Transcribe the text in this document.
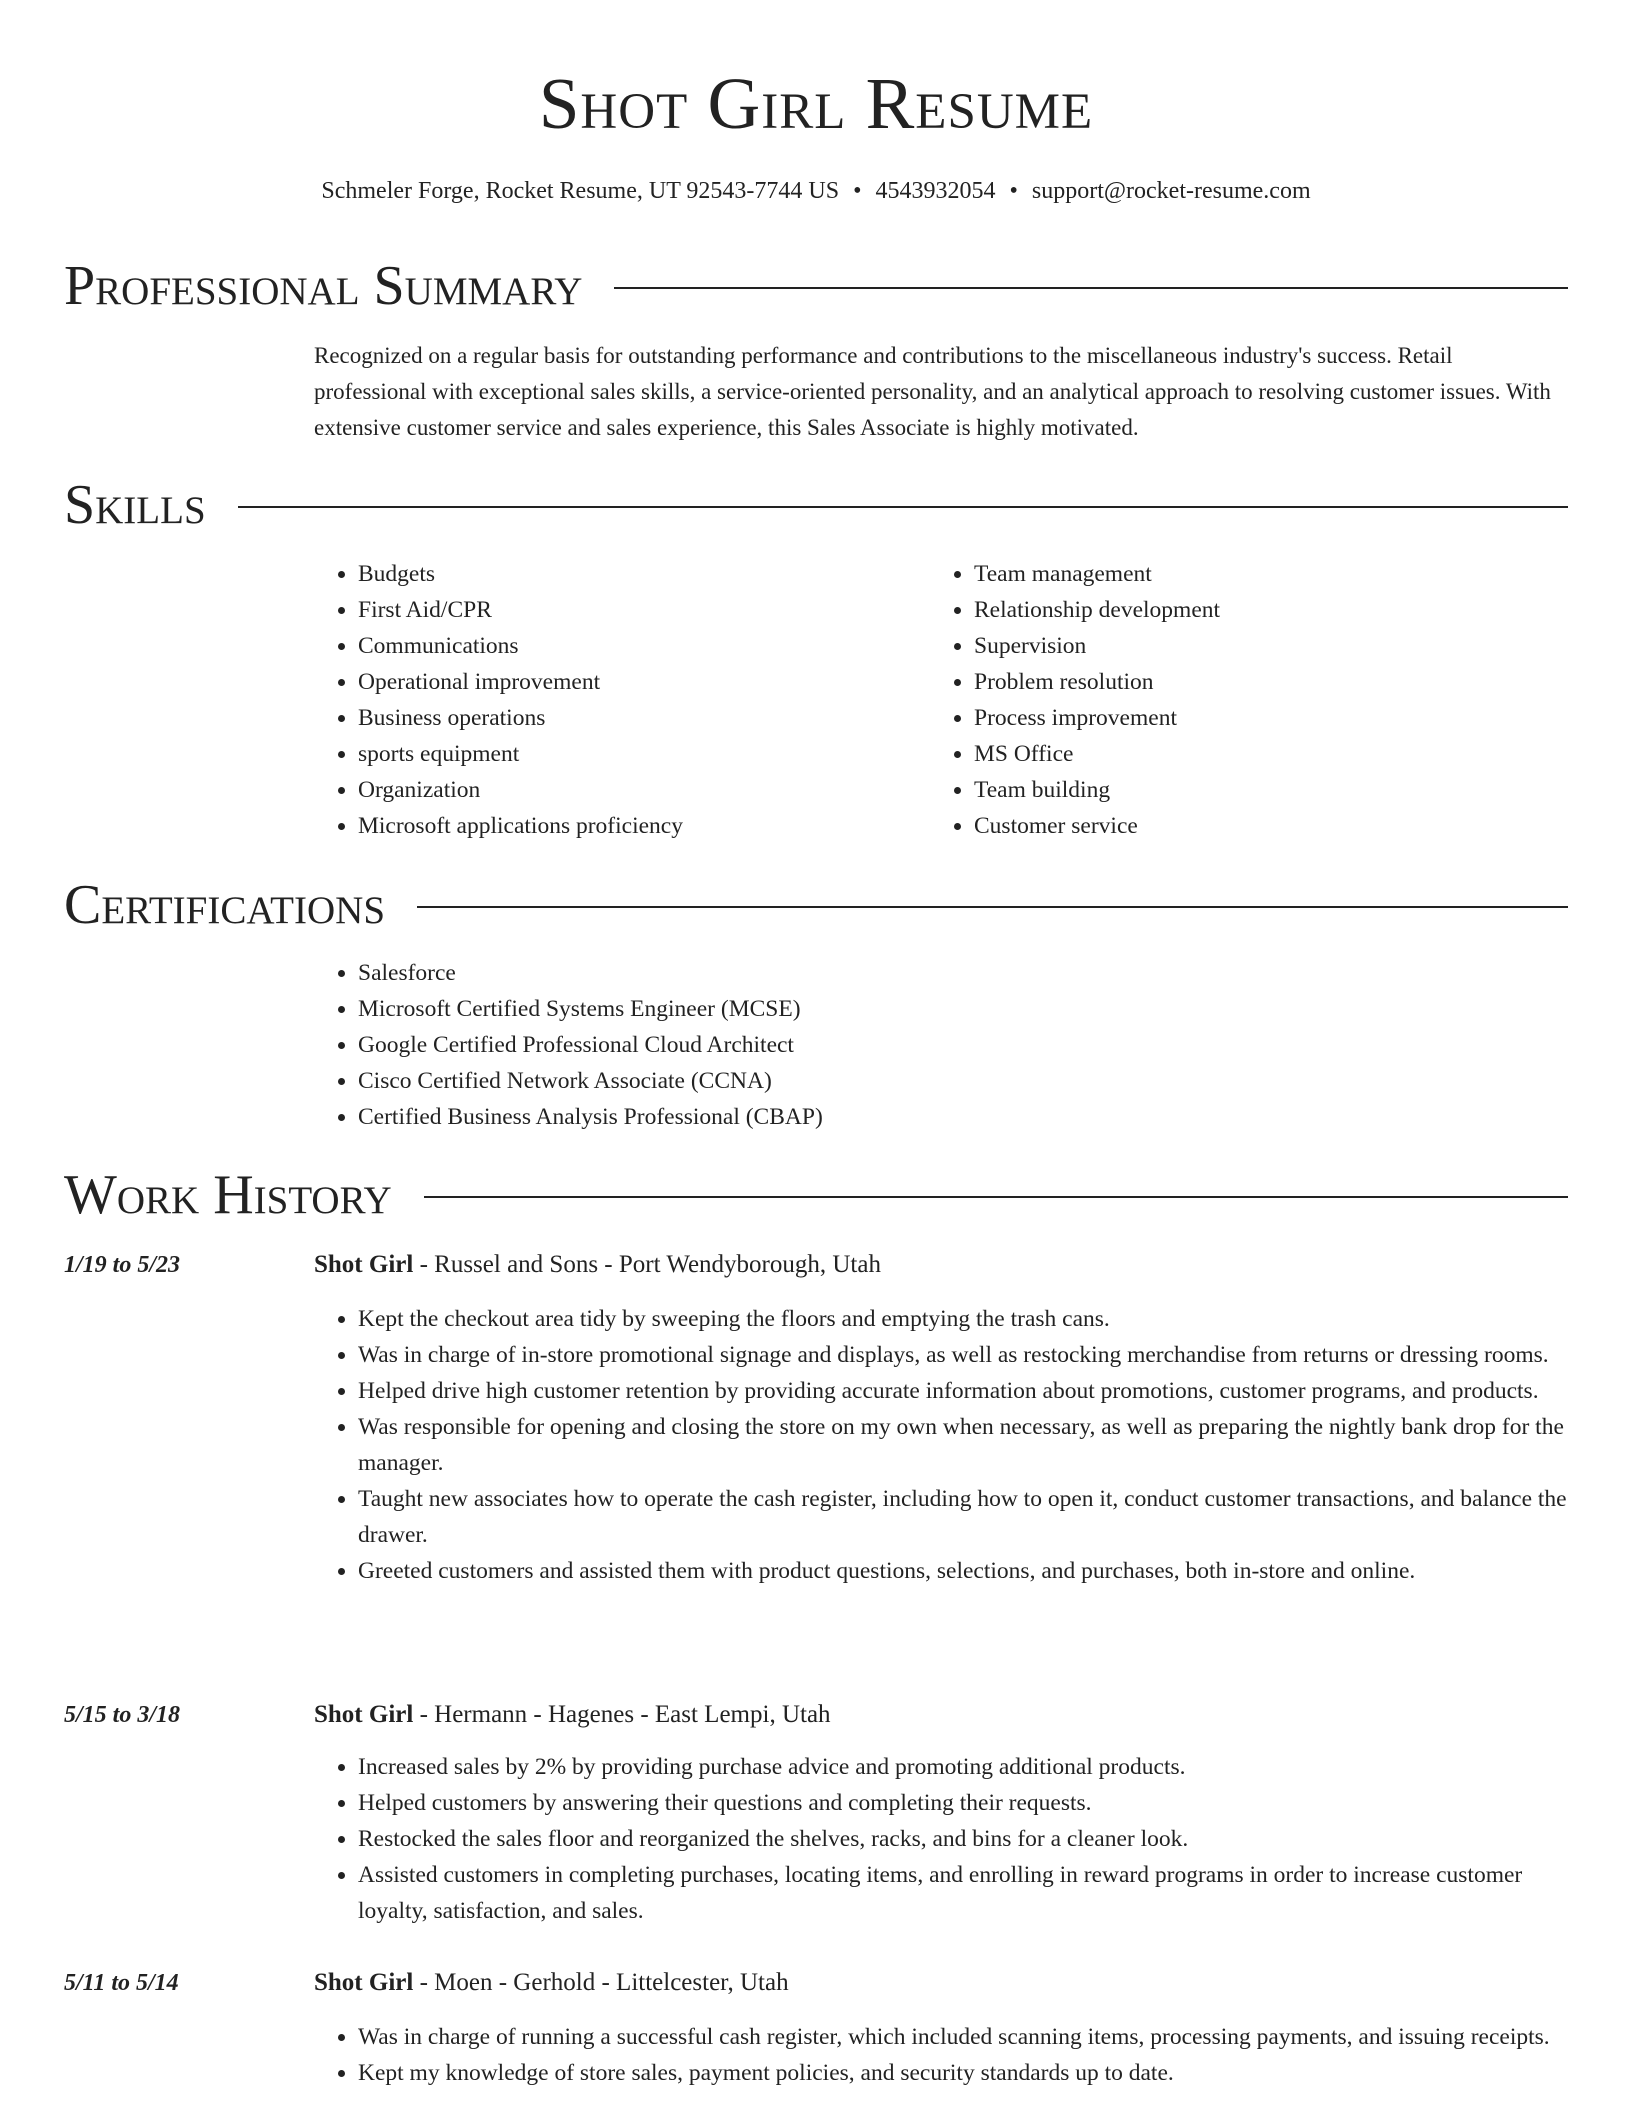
Shot Girl Resume
Schmeler Forge, Rocket Resume, UT 92543-7744 US • 4543932054 • support@rocket-resume.com
Professional Summary
Recognized on a regular basis for outstanding performance and contributions to the miscellaneous industry's success. Retail professional with exceptional sales skills, a service-oriented personality, and an analytical approach to resolving customer issues. With extensive customer service and sales experience, this Sales Associate is highly motivated.
Skills
• Budgets
• First Aid/CPR
• Communications
• Operational improvement
• Business operations
• sports equipment
• Organization
• Microsoft applications proficiency
• Team management
• Relationship development
• Supervision
• Problem resolution
• Process improvement
• MS Office
• Team building
• Customer service
Certifications
• Salesforce
• Microsoft Certified Systems Engineer (MCSE)
• Google Certified Professional Cloud Architect
• Cisco Certified Network Associate (CCNA)
• Certified Business Analysis Professional (CBAP)
Work History
1/19 to 5/23	Shot Girl - Russel and Sons - Port Wendyborough, Utah
• Kept the checkout area tidy by sweeping the floors and emptying the trash cans.
• Was in charge of in-store promotional signage and displays, as well as restocking merchandise from returns or dressing rooms.
• Helped drive high customer retention by providing accurate information about promotions, customer programs, and products.
• Was responsible for opening and closing the store on my own when necessary, as well as preparing the nightly bank drop for the manager.
• Taught new associates how to operate the cash register, including how to open it, conduct customer transactions, and balance the drawer.
• Greeted customers and assisted them with product questions, selections, and purchases, both in-store and online.
5/15 to 3/18	Shot Girl - Hermann - Hagenes - East Lempi, Utah
• Increased sales by 2% by providing purchase advice and promoting additional products.
• Helped customers by answering their questions and completing their requests.
• Restocked the sales floor and reorganized the shelves, racks, and bins for a cleaner look.
• Assisted customers in completing purchases, locating items, and enrolling in reward programs in order to increase customer loyalty, satisfaction, and sales.
5/11 to 5/14	Shot Girl - Moen - Gerhold - Littelcester, Utah
• Was in charge of running a successful cash register, which included scanning items, processing payments, and issuing receipts.
• Kept my knowledge of store sales, payment policies, and security standards up to date.
